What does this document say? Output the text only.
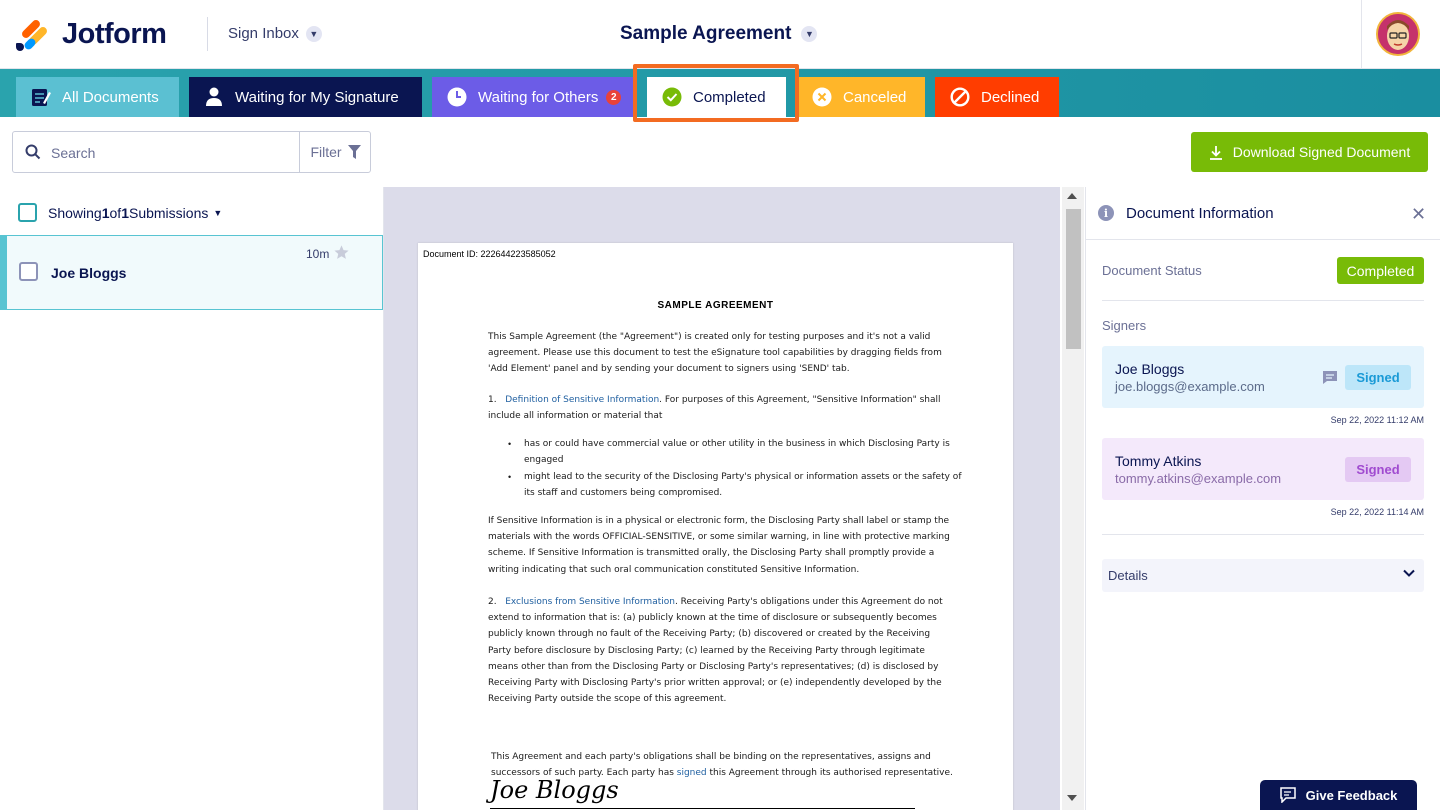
Jotform	Sign Inbox	▼	Sample Agreement	▼
All Documents	Waiting for My Signature	Waiting for Others	2	Completed	Canceled	Declined
Search
Filter	Download Signed Document
Showing 1 of 1 Submissions ▼
Joe Bloggs
10m	Document ID: 222644223585052
SAMPLE AGREEMENT
This Sample Agreement (the "Agreement") is created only for testing purposes and it's not a valid agreement. Please use this document to test the eSignature tool capabilities by dragging fields from 'Add Element' panel and by sending your document to signers using 'SEND' tab.
1. Definition of Sensitive Information. For purposes of this Agreement, "Sensitive Information" shall include all information or material that
• has or could have commercial value or other utility in the business in which Disclosing Party is engaged
• might lead to the security of the Disclosing Party's physical or information assets or the safety of its staff and customers being compromised.
If Sensitive Information is in a physical or electronic form, the Disclosing Party shall label or stamp the materials with the words OFFICIAL-SENSITIVE, or some similar warning, in line with protective marking scheme. If Sensitive Information is transmitted orally, the Disclosing Party shall promptly provide a writing indicating that such oral communication constituted Sensitive Information.
2. Exclusions from Sensitive Information. Receiving Party's obligations under this Agreement do not extend to information that is: (a) publicly known at the time of disclosure or subsequently becomes publicly known through no fault of the Receiving Party; (b) discovered or created by the Receiving Party before disclosure by Disclosing Party; (c) learned by the Receiving Party through legitimate means other than from the Disclosing Party or Disclosing Party's representatives; (d) is disclosed by Receiving Party with Disclosing Party's prior written approval; or (e) independently developed by the Receiving Party outside the scope of this agreement.
This Agreement and each party's obligations shall be binding on the representatives, assigns and successors of such party. Each party has signed this Agreement through its authorised representative.
Joe Bloggs
i	Document Information	✕
Document Status	Completed
Signers
Joe Bloggs
joe.bloggs@example.com
Signed
Sep 22, 2022 11:12 AM
Tommy Atkins
tommy.atkins@example.com
Signed
Sep 22, 2022 11:14 AM
Details
Give Feedback
